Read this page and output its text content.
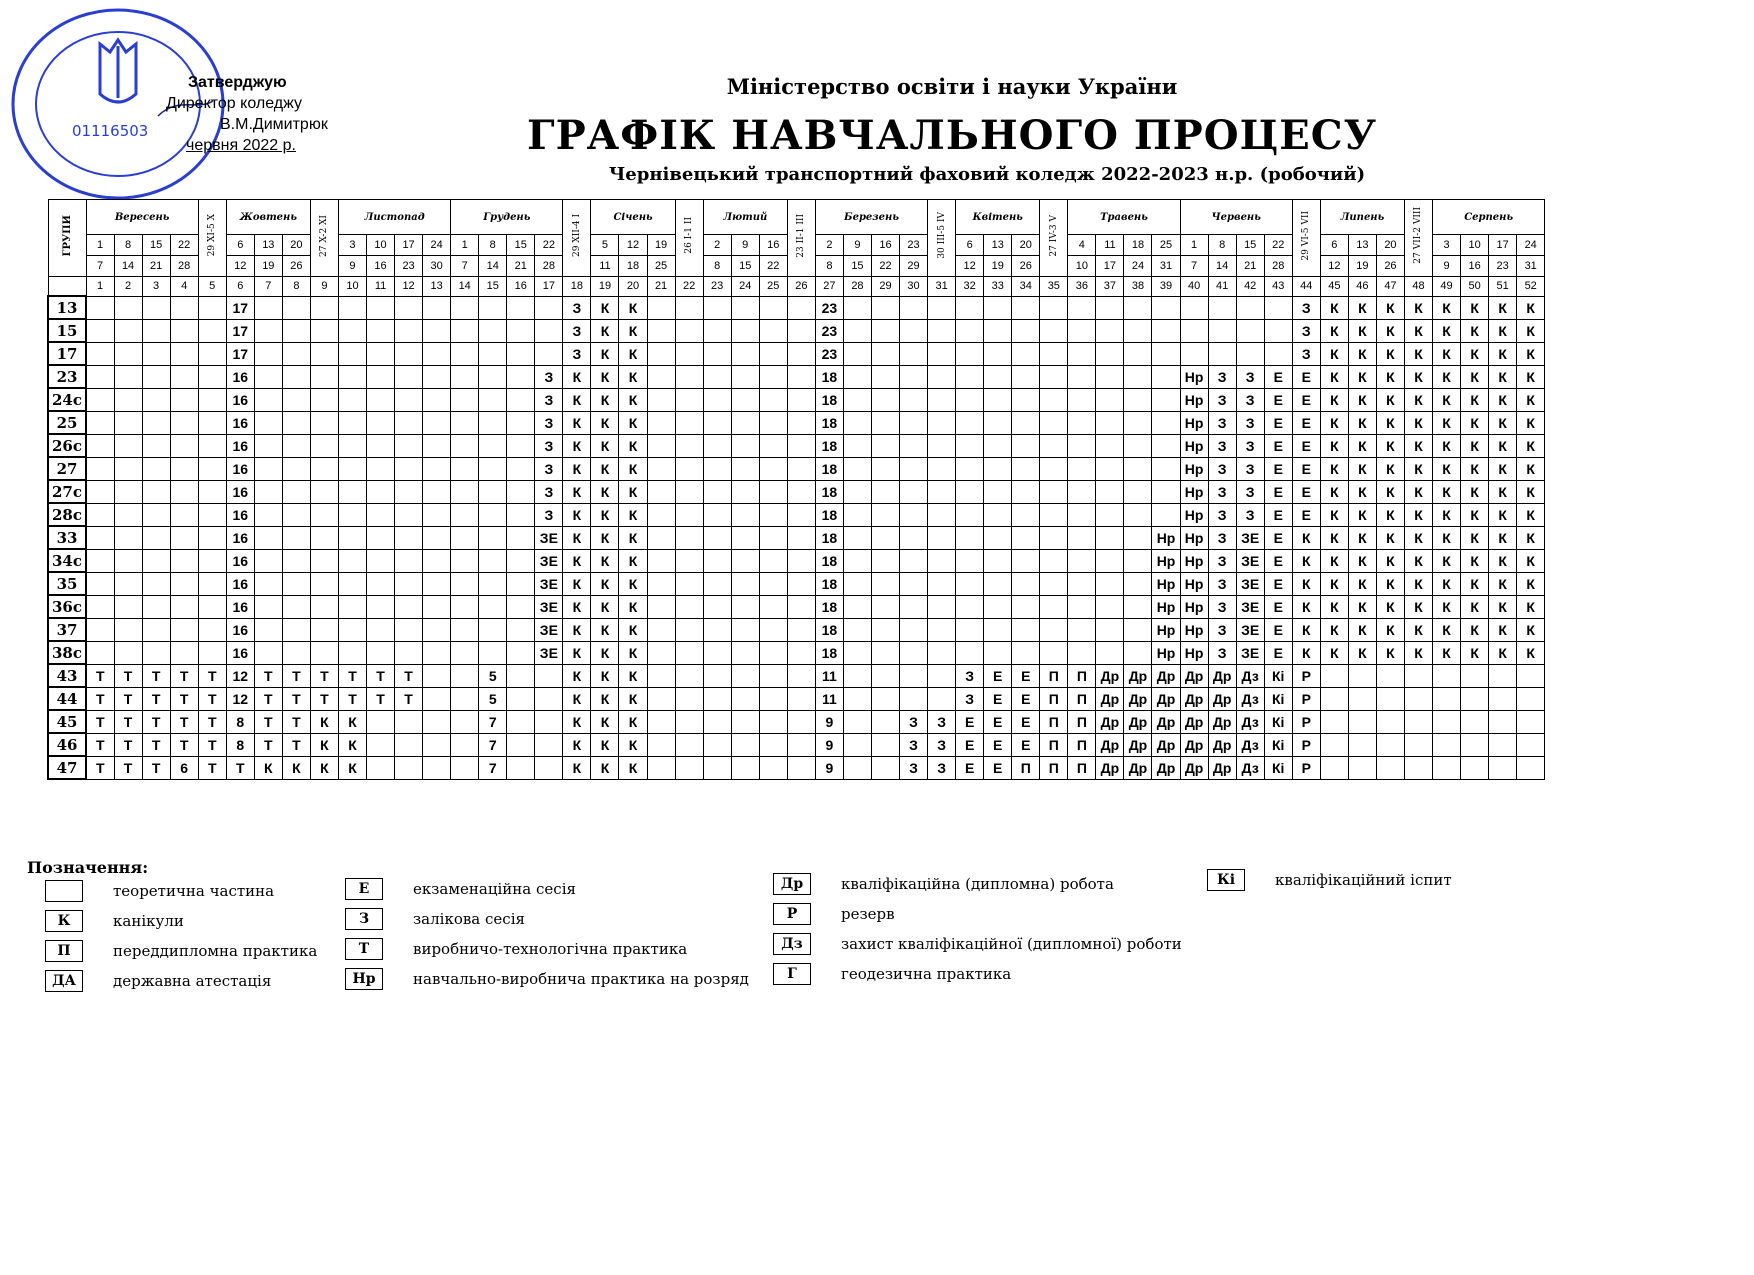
01116503
Затверджую
Директор коледжу
В.М.Димитрюк
червня 2022 р.
Міністерство освіти і науки України
ГРАФІК НАВЧАЛЬНОГО ПРОЦЕСУ
Чернівецький транспортний фаховий коледж 2022-2023 н.р. (робочий)
ГРУПИ	Вересень				29 XI-5 X	Жовтень			27 X-2 XI	Листопад				Грудень				29 XII-4 I	Січень			26 I-1 II	Лютий			23 II-1 III	Березень				30 III-5 IV	Квітень			27 IV-3 V	Травень				Червень				29 VI-5 VII	Липень			27 VII-2 VIII	Серпень			
	1	8	15	22		6	13	20		3	10	17	24	1	8	15	22		5	12	19		2	9	16		2	9	16	23		6	13	20		4	11	18	25	1	8	15	22		6	13	20		3	10	17	24
	7	14	21	28		12	19	26		9	16	23	30	7	14	21	28		11	18	25		8	15	22		8	15	22	29		12	19	26		10	17	24	31	7	14	21	28		12	19	26		9	16	23	31
	1	2	3	4	5	6	7	8	9	10	11	12	13	14	15	16	17	18	19	20	21	22	23	24	25	26	27	28	29	30	31	32	33	34	35	36	37	38	39	40	41	42	43	44	45	46	47	48	49	50	51	52
13						17												З	К	К							23																	З	К	К	К	К	К	К	К	К
15						17												З	К	К							23																	З	К	К	К	К	К	К	К	К
17						17												З	К	К							23																	З	К	К	К	К	К	К	К	К
23						16											З	К	К	К							18													Нр	З	З	Е	Е	К	К	К	К	К	К	К	К
24с						16											З	К	К	К							18													Нр	З	З	Е	Е	К	К	К	К	К	К	К	К
25						16											З	К	К	К							18													Нр	З	З	Е	Е	К	К	К	К	К	К	К	К
26с						16											З	К	К	К							18													Нр	З	З	Е	Е	К	К	К	К	К	К	К	К
27						16											З	К	К	К							18													Нр	З	З	Е	Е	К	К	К	К	К	К	К	К
27с						16											З	К	К	К							18													Нр	З	З	Е	Е	К	К	К	К	К	К	К	К
28с						16											З	К	К	К							18													Нр	З	З	Е	Е	К	К	К	К	К	К	К	К
33						16											ЗЕ	К	К	К							18												Нр	Нр	З	ЗЕ	Е	К	К	К	К	К	К	К	К	К
34с						16											ЗЕ	К	К	К							18												Нр	Нр	З	ЗЕ	Е	К	К	К	К	К	К	К	К	К
35						16											ЗЕ	К	К	К							18												Нр	Нр	З	ЗЕ	Е	К	К	К	К	К	К	К	К	К
36с						16											ЗЕ	К	К	К							18												Нр	Нр	З	ЗЕ	Е	К	К	К	К	К	К	К	К	К
37						16											ЗЕ	К	К	К							18												Нр	Нр	З	ЗЕ	Е	К	К	К	К	К	К	К	К	К
38с						16											ЗЕ	К	К	К							18												Нр	Нр	З	ЗЕ	Е	К	К	К	К	К	К	К	К	К
43	Т	Т	Т	Т	Т	12	Т	Т	Т	Т	Т	Т			5			К	К	К							11					З	Е	Е	П	П	Др	Др	Др	Др	Др	Дз	Кі	Р								
44	Т	Т	Т	Т	Т	12	Т	Т	Т	Т	Т	Т			5			К	К	К							11					З	Е	Е	П	П	Др	Др	Др	Др	Др	Дз	Кі	Р								
45	Т	Т	Т	Т	Т	8	Т	Т	К	К					7			К	К	К							9			З	З	Е	Е	Е	П	П	Др	Др	Др	Др	Др	Дз	Кі	Р								
46	Т	Т	Т	Т	Т	8	Т	Т	К	К					7			К	К	К							9			З	З	Е	Е	Е	П	П	Др	Др	Др	Др	Др	Дз	Кі	Р								
47	Т	Т	Т	6	Т	Т	К	К	К	К					7			К	К	К							9			З	З	Е	Е	П	П	П	Др	Др	Др	Др	Др	Дз	Кі	Р								
Позначення:
теоретична частина
К	канікули
П	переддипломна практика
ДА	державна атестація
Е	екзаменаційна сесія
З	залікова сесія
Т	виробничо-технологічна практика
Нр	навчально-виробнича практика на розряд
Др	кваліфікаційна (дипломна) робота
Р	резерв
Дз	захист кваліфікаційної (дипломної) роботи
Г	геодезична практика
Кі	кваліфікаційний іспит
